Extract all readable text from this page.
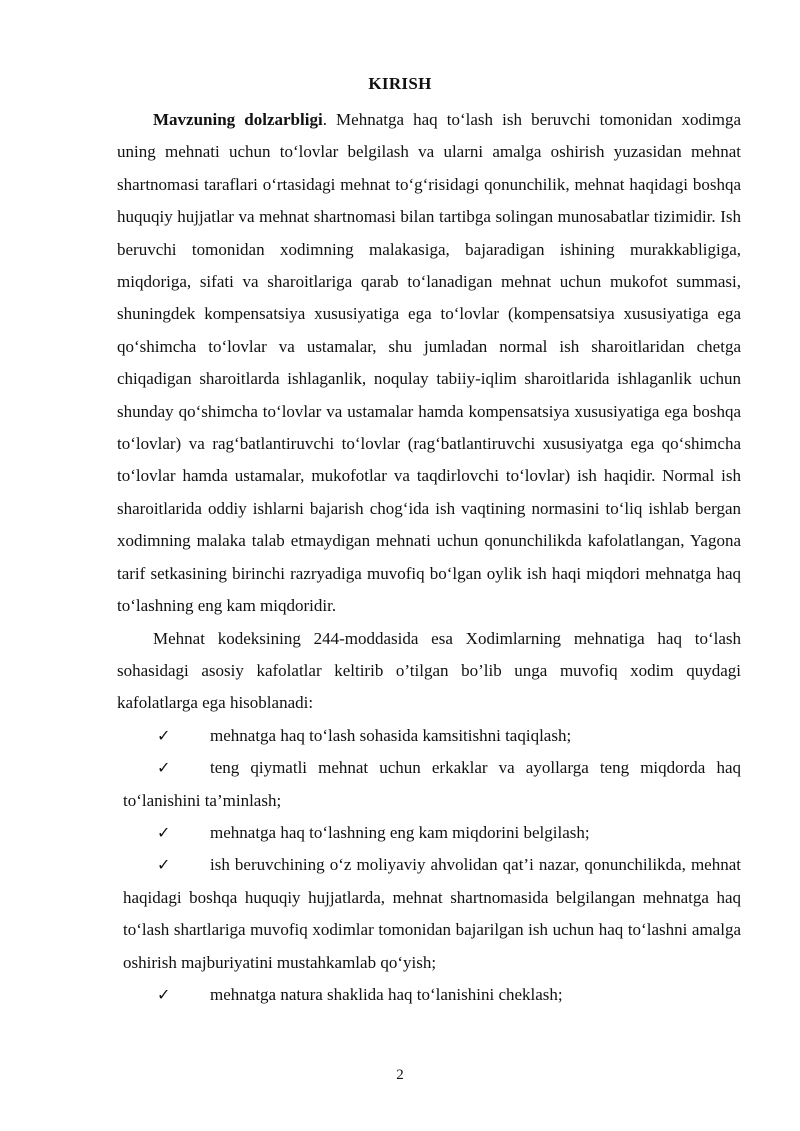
KIRISH

Mavzuning dolzarbligi. Mehnatga haq to‘lash ish beruvchi tomonidan xodimga uning mehnati uchun to‘lovlar belgilash va ularni amalga oshirish yuzasidan mehnat shartnomasi taraflari o‘rtasidagi mehnat to‘g‘risidagi qonunchilik, mehnat haqidagi boshqa huquqiy hujjatlar va mehnat shartnomasi bilan tartibga solingan munosabatlar tizimidir. Ish beruvchi tomonidan xodimning malakasiga, bajaradigan ishining murakkabligiga, miqdoriga, sifati va sharoitlariga qarab to‘lanadigan mehnat uchun mukofot summasi, shuningdek kompensatsiya xususiyatiga ega to‘lovlar (kompensatsiya xususiyatiga ega qo‘shimcha to‘lovlar va ustamalar, shu jumladan normal ish sharoitlaridan chetga chiqadigan sharoitlarda ishlaganlik, noqulay tabiiy-iqlim sharoitlarida ishlaganlik uchun shunday qo‘shimcha to‘lovlar va ustamalar hamda kompensatsiya xususiyatiga ega boshqa to‘lovlar) va rag‘batlantiruvchi to‘lovlar (rag‘batlantiruvchi xususiyatga ega qo‘shimcha to‘lovlar hamda ustamalar, mukofotlar va taqdirlovchi to‘lovlar) ish haqidir. Normal ish sharoitlarida oddiy ishlarni bajarish chog‘ida ish vaqtining normasini to‘liq ishlab bergan xodimning malaka talab etmaydigan mehnati uchun qonunchilikda kafolatlangan, Yagona tarif setkasining birinchi razryadiga muvofiq bo‘lgan oylik ish haqi miqdori mehnatga haq to‘lashning eng kam miqdoridir.

Mehnat kodeksining 244-moddasida esa Xodimlarning mehnatiga haq to‘lash sohasidagi asosiy kafolatlar keltirib o’tilgan bo’lib unga muvofiq xodim quydagi kafolatlarga ega hisoblanadi:

✓	mehnatga haq to‘lash sohasida kamsitishni taqiqlash;

✓	teng qiymatli mehnat uchun erkaklar va ayollarga teng miqdorda haq to‘lanishini ta’minlash;

✓	mehnatga haq to‘lashning eng kam miqdorini belgilash;

✓	ish beruvchining o‘z moliyaviy ahvolidan qat’i nazar, qonunchilikda, mehnat haqidagi boshqa huquqiy hujjatlarda, mehnat shartnomasida belgilangan mehnatga haq to‘lash shartlariga muvofiq xodimlar tomonidan bajarilgan ish uchun haq to‘lashni amalga oshirish majburiyatini mustahkamlab qo‘yish;

✓	mehnatga natura shaklida haq to‘lanishini cheklash;

2
